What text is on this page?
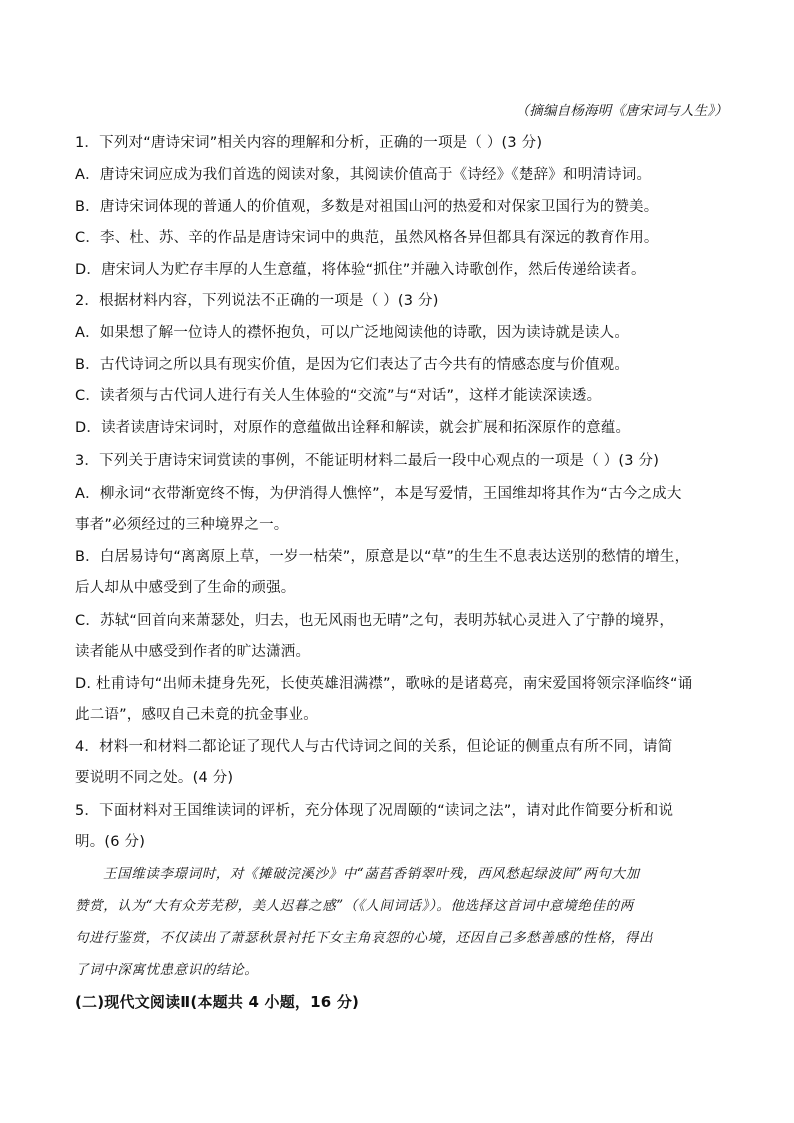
（摘编自杨海明《唐宋词与人生》）
1．下列对“唐诗宋词”相关内容的理解和分析，正确的一项是（ ）(3 分)
A．唐诗宋词应成为我们首选的阅读对象，其阅读价值高于《诗经》《楚辞》和明清诗词。
B．唐诗宋词体现的普通人的价值观，多数是对祖国山河的热爱和对保家卫国行为的赞美。
C．李、杜、苏、辛的作品是唐诗宋词中的典范，虽然风格各异但都具有深远的教育作用。
D．唐宋词人为贮存丰厚的人生意蕴，将体验“抓住”并融入诗歌创作，然后传递给读者。
2．根据材料内容，下列说法不正确的一项是（ ）(3 分)
A．如果想了解一位诗人的襟怀抱负，可以广泛地阅读他的诗歌，因为读诗就是读人。
B．古代诗词之所以具有现实价值，是因为它们表达了古今共有的情感态度与价值观。
C．读者须与古代词人进行有关人生体验的“交流”与“对话”，这样才能读深读透。
D．读者读唐诗宋词时，对原作的意蕴做出诠释和解读，就会扩展和拓深原作的意蕴。
3．下列关于唐诗宋词赏读的事例，不能证明材料二最后一段中心观点的一项是（ ）(3 分)
A．柳永词“衣带渐宽终不悔，为伊消得人憔悴”，本是写爱情，王国维却将其作为“古今之成大
事者”必须经过的三种境界之一。
B．白居易诗句“离离原上草，一岁一枯荣”，原意是以“草”的生生不息表达送别的愁情的增生，
后人却从中感受到了生命的顽强。
C．苏轼“回首向来萧瑟处，归去，也无风雨也无晴”之句，表明苏轼心灵进入了宁静的境界，
读者能从中感受到作者的旷达潇洒。
D. 杜甫诗句“出师未捷身先死，长使英雄泪满襟”，歌咏的是诸葛亮，南宋爱国将领宗泽临终“诵
此二语”，感叹自己未竟的抗金事业。
4．材料一和材料二都论证了现代人与古代诗词之间的关系，但论证的侧重点有所不同，请简
要说明不同之处。(4 分)
5．下面材料对王国维读词的评析，充分体现了况周颐的“读词之法”，请对此作简要分析和说
明。(6 分)
王国维读李璟词时，对《摊破浣溪沙》中“菡萏香销翠叶残，西风愁起绿波间”两句大加
赞赏，认为“大有众芳芜秽，美人迟暮之感”（《人间词话》）。他选择这首词中意境绝佳的两
句进行鉴赏，不仅读出了萧瑟秋景衬托下女主角哀怨的心境，还因自己多愁善感的性格，得出
了词中深寓忧患意识的结论。
(二)现代文阅读Ⅱ(本题共 4 小题，16 分)
